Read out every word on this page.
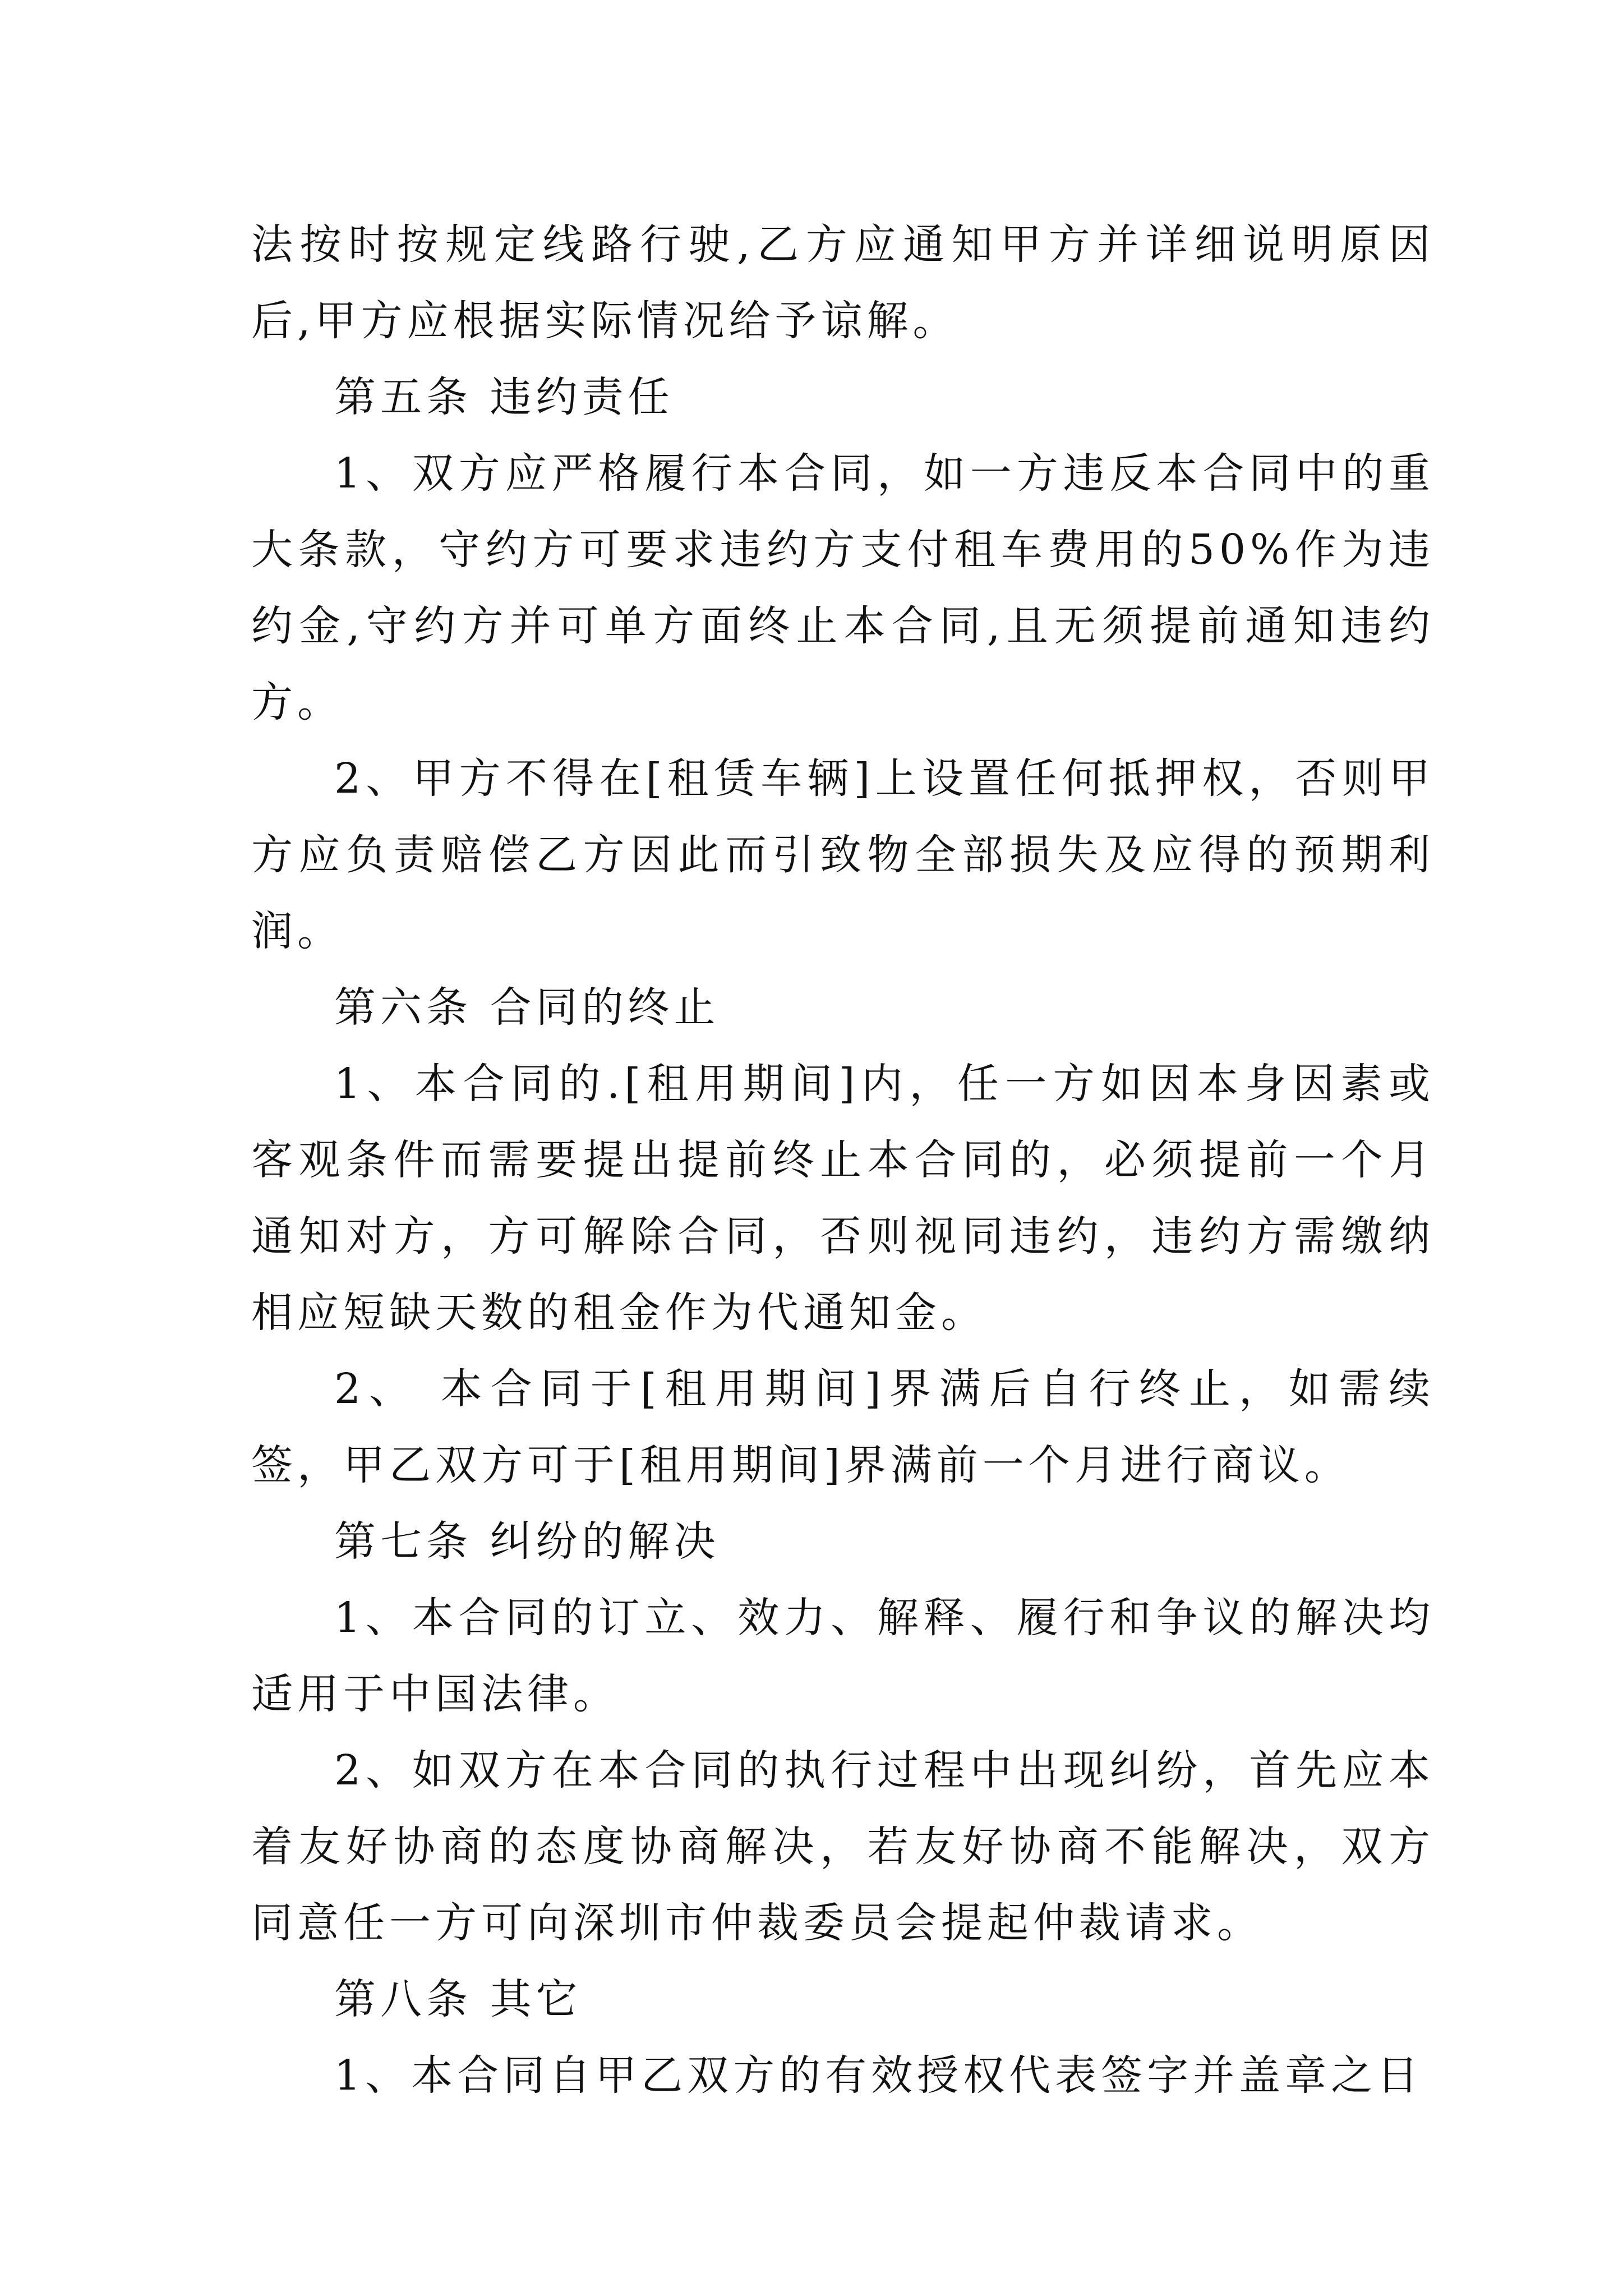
法按时按规定线路行驶,乙方应通知甲方并详细说明原因后,甲方应根据实际情况给予谅解。

第五条 违约责任

1、双方应严格履行本合同，如一方违反本合同中的重大条款，守约方可要求违约方支付租车费用的50%作为违约金,守约方并可单方面终止本合同,且无须提前通知违约方。

2、甲方不得在[租赁车辆]上设置任何抵押权，否则甲方应负责赔偿乙方因此而引致物全部损失及应得的预期利润。

第六条 合同的终止

1、本合同的.[租用期间]内，任一方如因本身因素或客观条件而需要提出提前终止本合同的，必须提前一个月通知对方，方可解除合同，否则视同违约，违约方需缴纳相应短缺天数的租金作为代通知金。

2、 本合同于[租用期间]界满后自行终止，如需续签，甲乙双方可于[租用期间]界满前一个月进行商议。

第七条 纠纷的解决

1、本合同的订立、效力、解释、履行和争议的解决均适用于中国法律。

2、如双方在本合同的执行过程中出现纠纷，首先应本着友好协商的态度协商解决，若友好协商不能解决，双方同意任一方可向深圳市仲裁委员会提起仲裁请求。

第八条 其它

1、本合同自甲乙双方的有效授权代表签字并盖章之日
